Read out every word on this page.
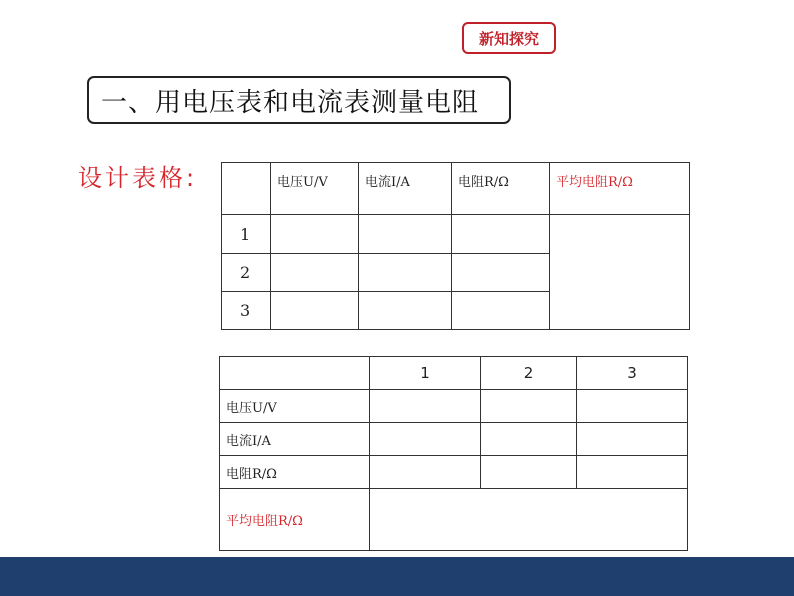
新知探究
一、用电压表和电流表测量电阻
设计表格:
		电压U/V	电流I/A	电阻R/Ω	平均电阻R/Ω
1				
2				
3				
	1	2	3
电压U/V			
电流I/A			
电阻R/Ω			
平均电阻R/Ω			
